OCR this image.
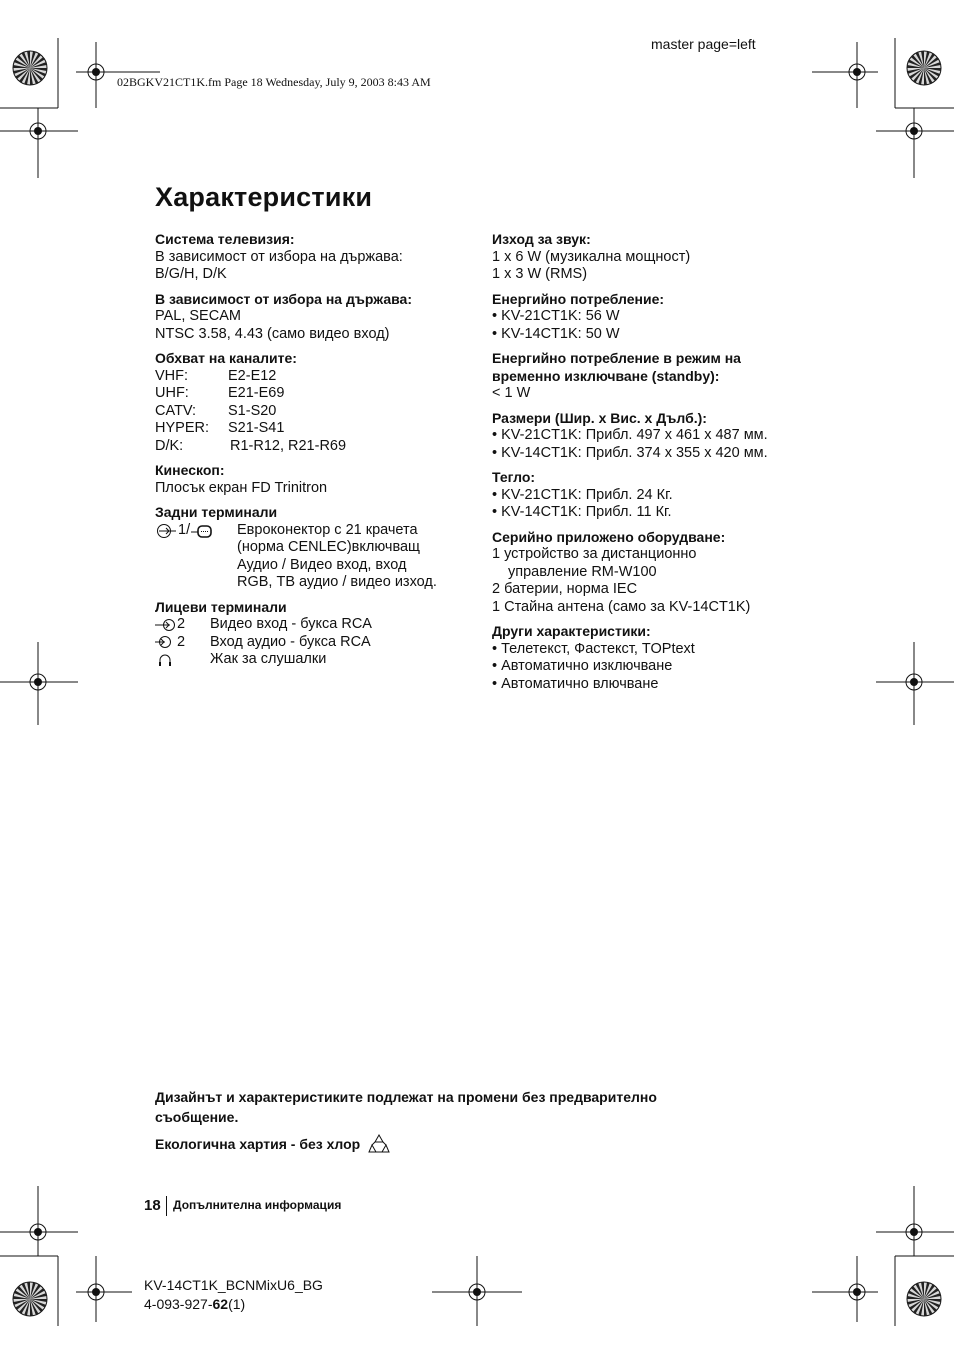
master page=left
02BGKV21CT1K.fm Page 18 Wednesday, July 9, 2003 8:43 AM
Характеристики
Система телевизия:
В зависимост от избора на държава:
B/G/H, D/K
В зависимост от избора на държава:
PAL, SECAM
NTSC 3.58, 4.43 (само видео вход)
Обхват на каналите:
VHF:	E2-E12
UHF:	E21-E69
CATV:	S1-S20
HYPER:	S21-S41
D/K:	R1-R12, R21-R69
Кинескоп:
Плосък екран FD Trinitron
Задни терминали
1/	Евроконектор с 21 крачета
(норма CENLEC)включващ
Аудио / Видео вход, вход
RGB, ТВ аудио / видео изход.
Лицеви терминали
2 Видео вход - букса RCA
2 Вход аудио - букса RCA
Жак за слушалки
Изход за звук:
1 x 6 W (музикална мощност)
1 x 3 W (RMS)
Енергийно потребление:
• KV-21CT1K: 56 W
• KV-14CT1K: 50 W
Енергийно потребление в режим на
временно изключване (standby):
< 1 W
Размери (Шир. x Вис. x Дълб.):
• KV-21CT1K: Прибл. 497 x 461 x 487 мм.
• KV-14CT1K: Прибл. 374 x 355 x 420 мм.
Тегло:
• KV-21CT1K: Прибл. 24 Кг.
• KV-14CT1K: Прибл. 11 Кг.
Серийно приложено оборудване:
1 устройство за дистанционно
управление RM-W100
2 батерии, норма IEC
1 Стайна антена (само за KV-14CT1K)
Други характеристики:
• Телетекст, Фастекст, TOPtext
• Автоматично изключване
• Автоматично влючване
Дизайнът и характеристиките подлежат на промени без предварително
съобщение.
Екологична хартия - без хлор
18 Допълнителна информация
KV-14CT1K_BCNMixU6_BG
4-093-927-62(1)
